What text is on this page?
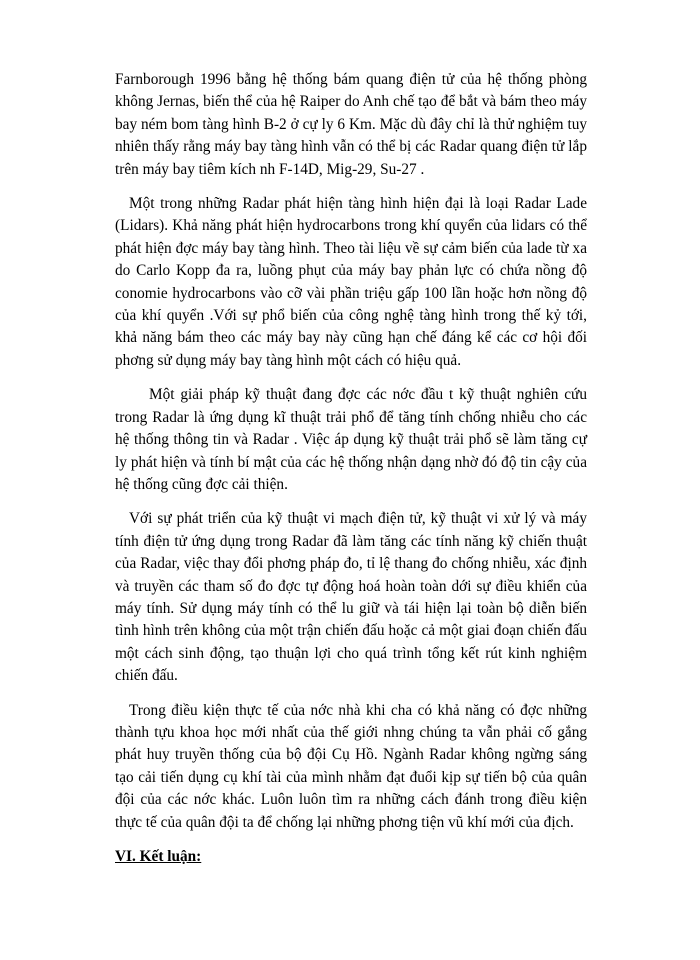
Farnborough 1996 bằng hệ thống bám quang điện tử của hệ thống phòng không Jernas, biến thể của hệ Raiper do Anh chế tạo để bắt và bám theo máy bay ném bom tàng hình B-2 ở cự ly 6 Km. Mặc dù đây chỉ là thử nghiệm tuy nhiên thấy rằng máy bay tàng hình vẫn có thể bị các Radar quang điện tử lắp trên máy bay tiêm kích nh F-14D, Mig-29, Su-27 .

Một trong những Radar phát hiện tàng hình hiện đại là loại Radar Lade (Lidars). Khả năng phát hiện hydrocarbons trong khí quyển của lidars có thể phát hiện đợc máy bay tàng hình. Theo tài liệu về sự cảm biến của lade từ xa do Carlo Kopp đa ra, luồng phụt của máy bay phản lực có chứa nồng độ conomie hydrocarbons vào cỡ vài phần triệu gấp 100 lần hoặc hơn nồng độ của khí quyển .Với sự phổ biến của công nghệ tàng hình trong thế kỷ tới, khả năng bám theo các máy bay này cũng hạn chế đáng kể các cơ hội đối phơng sử dụng máy bay tàng hình một cách có hiệu quả.

Một giải pháp kỹ thuật đang đợc các nớc đầu t kỹ thuật nghiên cứu trong Radar là ứng dụng kĩ thuật trải phổ để tăng tính chống nhiễu cho các hệ thống thông tin và Radar . Việc áp dụng kỹ thuật trải phổ sẽ làm tăng cự ly phát hiện và tính bí mật của các hệ thống nhận dạng nhờ đó độ tin cậy của hệ thống cũng đợc cải thiện.

Với sự phát triển của kỹ thuật vi mạch điện tử, kỹ thuật vi xử lý và máy tính điện tử ứng dụng trong Radar đã làm tăng các tính năng kỹ chiến thuật của Radar, việc thay đổi phơng pháp đo, tỉ lệ thang đo chống nhiễu, xác định và truyền các tham số đo đợc tự động hoá hoàn toàn dới sự điều khiển của máy tính. Sử dụng máy tính có thể lu giữ và tái hiện lại toàn bộ diễn biến tình hình trên không của một trận chiến đấu hoặc cả một giai đoạn chiến đấu một cách sinh động, tạo thuận lợi cho quá trình tổng kết rút kinh nghiệm chiến đấu.

Trong điều kiện thực tế của nớc nhà khi cha có khả năng có đợc những thành tựu khoa học mới nhất của thế giới nhng chúng ta vẫn phải cố gắng phát huy truyền thống của bộ đội Cụ Hồ. Ngành Radar không ngừng sáng tạo cải tiến dụng cụ khí tài của mình nhằm đạt đuổi kịp sự tiến bộ của quân đội của các nớc khác. Luôn luôn tìm ra những cách đánh trong điều kiện thực tế của quân đội ta để chống lại những phơng tiện vũ khí mới của địch.

VI. Kết luận:
